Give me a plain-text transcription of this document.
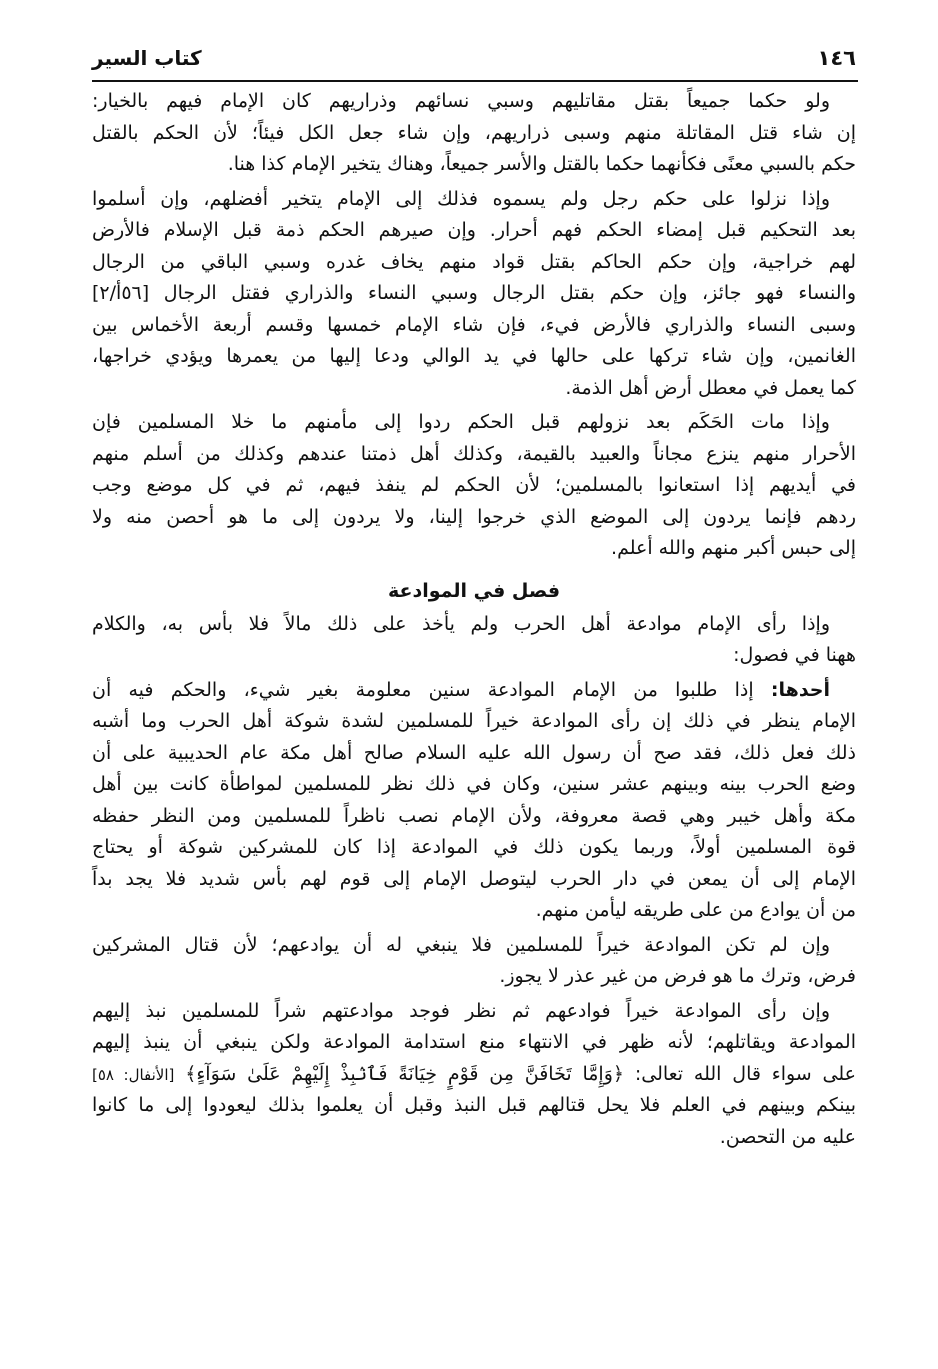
١٤٦
كتاب السير
ولو حكما جميعاً بقتل مقاتليهم وسبي نسائهم وذراريهم كان الإمام فيهم بالخيار:
إن شاء قتل المقاتلة منهم وسبى ذراريهم، وإن شاء جعل الكل فيئاً؛ لأن الحكم بالقتل
حكم بالسبي معنًى فكأنهما حكما بالقتل والأسر جميعاً، وهناك يتخير الإمام كذا هنا.
وإذا نزلوا على حكم رجل ولم يسموه فذلك إلى الإمام يتخير أفضلهم، وإن أسلموا
بعد التحكيم قبل إمضاء الحكم فهم أحرار. وإن صيرهم الحكم ذمة قبل الإسلام فالأرض
لهم خراجية، وإن حكم الحاكم بقتل قواد منهم يخاف غدره وسبي الباقي من الرجال
والنساء فهو جائز، وإن حكم بقتل الرجال وسبي النساء والذراري فقتل الرجال [٥٦أ/٢]
وسبى النساء والذراري فالأرض فيء، فإن شاء الإمام خمسها وقسم أربعة الأخماس بين
الغانمين، وإن شاء تركها على حالها في يد الوالي ودعا إليها من يعمرها ويؤدي خراجها،
كما يعمل في معطل أرض أهل الذمة.
وإذا مات الحَكَم بعد نزولهم قبل الحكم ردوا إلى مأمنهم ما خلا المسلمين فإن
الأحرار منهم ينزع مجاناً والعبيد بالقيمة، وكذلك أهل ذمتنا عندهم وكذلك من أسلم منهم
في أيديهم إذا استعانوا بالمسلمين؛ لأن الحكم لم ينفذ فيهم، ثم في كل موضع وجب
ردهم فإنما يردون إلى الموضع الذي خرجوا إلينا، ولا يردون إلى ما هو أحصن منه ولا
إلى حبس أكبر منهم والله أعلم.
فصل في الموادعة
وإذا رأى الإمام موادعة أهل الحرب ولم يأخذ على ذلك مالاً فلا بأس به، والكلام
ههنا في فصول:
أحدها: إذا طلبوا من الإمام الموادعة سنين معلومة بغير شيء، والحكم فيه أن
الإمام ينظر في ذلك إن رأى الموادعة خيراً للمسلمين لشدة شوكة أهل الحرب وما أشبه
ذلك فعل ذلك، فقد صح أن رسول الله عليه السلام صالح أهل مكة عام الحديبية على أن
وضع الحرب بينه وبينهم عشر سنين، وكان في ذلك نظر للمسلمين لمواطأة كانت بين أهل
مكة وأهل خيبر وهي قصة معروفة، ولأن الإمام نصب ناظراً للمسلمين ومن النظر حفظه
قوة المسلمين أولاً، وربما يكون ذلك في الموادعة إذا كان للمشركين شوكة أو يحتاج
الإمام إلى أن يمعن في دار الحرب ليتوصل الإمام إلى قوم لهم بأس شديد فلا يجد بداً
من أن يوادع من على طريقه ليأمن منهم.
وإن لم تكن الموادعة خيراً للمسلمين فلا ينبغي له أن يوادعهم؛ لأن قتال المشركين
فرض، وترك ما هو فرض من غير عذر لا يجوز.
وإن رأى الموادعة خيراً فوادعهم ثم نظر فوجد موادعتهم شراً للمسلمين نبذ إليهم
الموادعة ويقاتلهم؛ لأنه ظهر في الانتهاء منع استدامة الموادعة ولكن ينبغي أن ينبذ إليهم
على سواء قال الله تعالى: ﴿وَإِمَّا تَخَافَنَّ مِن قَوْمٍ خِيَانَةً فَٱنۢبِذْ إِلَيْهِمْ عَلَىٰ سَوَآءٍ﴾ [الأنفال: ٥٨]
بينكم وبينهم في العلم فلا يحل قتالهم قبل النبذ وقبل أن يعلموا بذلك ليعودوا إلى ما كانوا
عليه من التحصن.
